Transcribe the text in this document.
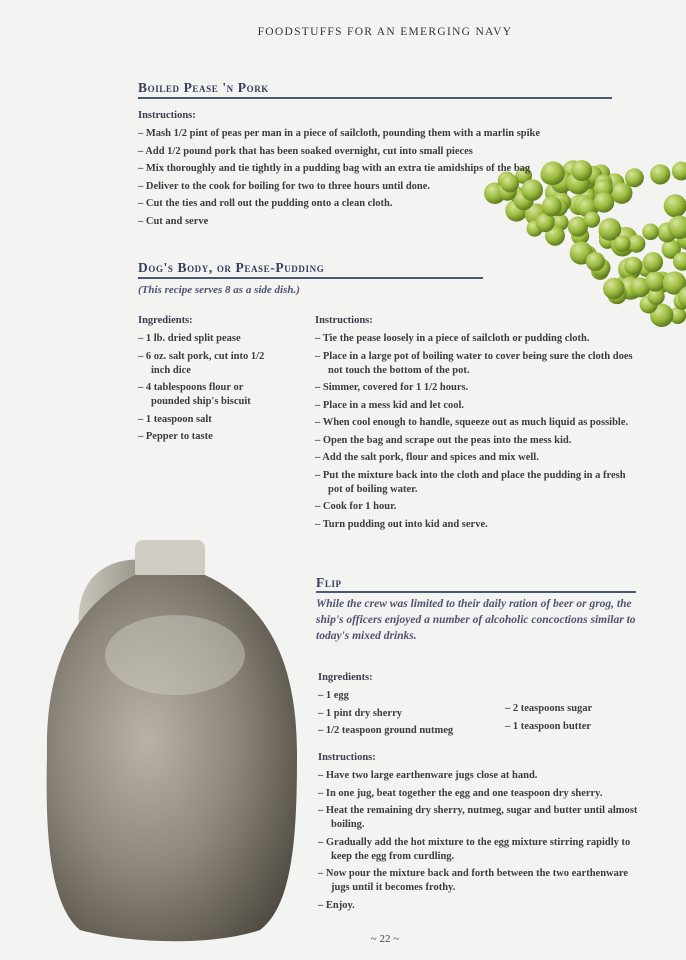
FOODSTUFFS FOR AN EMERGING NAVY
Boiled Pease 'n Pork
Instructions:
– Mash 1/2 pint of peas per man in a piece of sailcloth, pounding them with a marlin spike
– Add 1/2 pound pork that has been soaked overnight, cut into small pieces
– Mix thoroughly and tie tightly in a pudding bag with an extra tie amidships of the bag
– Deliver to the cook for boiling for two to three hours until done.
– Cut the ties and roll out the pudding onto a clean cloth.
– Cut and serve
Dog's Body, or Pease-Pudding
(This recipe serves 8 as a side dish.)
Ingredients:
– 1 lb. dried split pease
– 6 oz. salt pork, cut into 1/2 inch dice
– 4 tablespoons flour or pounded ship's biscuit
– 1 teaspoon salt
– Pepper to taste
Instructions:
– Tie the pease loosely in a piece of sailcloth or pudding cloth.
– Place in a large pot of boiling water to cover being sure the cloth does not touch the bottom of the pot.
– Simmer, covered for 1 1/2 hours.
– Place in a mess kid and let cool.
– When cool enough to handle, squeeze out as much liquid as possible.
– Open the bag and scrape out the peas into the mess kid.
– Add the salt pork, flour and spices and mix well.
– Put the mixture back into the cloth and place the pudding in a fresh pot of boiling water.
– Cook for 1 hour.
– Turn pudding out into kid and serve.
Flip
While the crew was limited to their daily ration of beer or grog, the ship's officers enjoyed a number of alcoholic concoctions similar to today's mixed drinks.
Ingredients:
– 1 egg
– 1 pint dry sherry
– 1/2 teaspoon ground nutmeg
– 2 teaspoons sugar
– 1 teaspoon butter
Instructions:
– Have two large earthenware jugs close at hand.
– In one jug, beat together the egg and one teaspoon dry sherry.
– Heat the remaining dry sherry, nutmeg, sugar and butter until almost boiling.
– Gradually add the hot mixture to the egg mixture stirring rapidly to keep the egg from curdling.
– Now pour the mixture back and forth between the two earthenware jugs until it becomes frothy.
– Enjoy.
~ 22 ~
